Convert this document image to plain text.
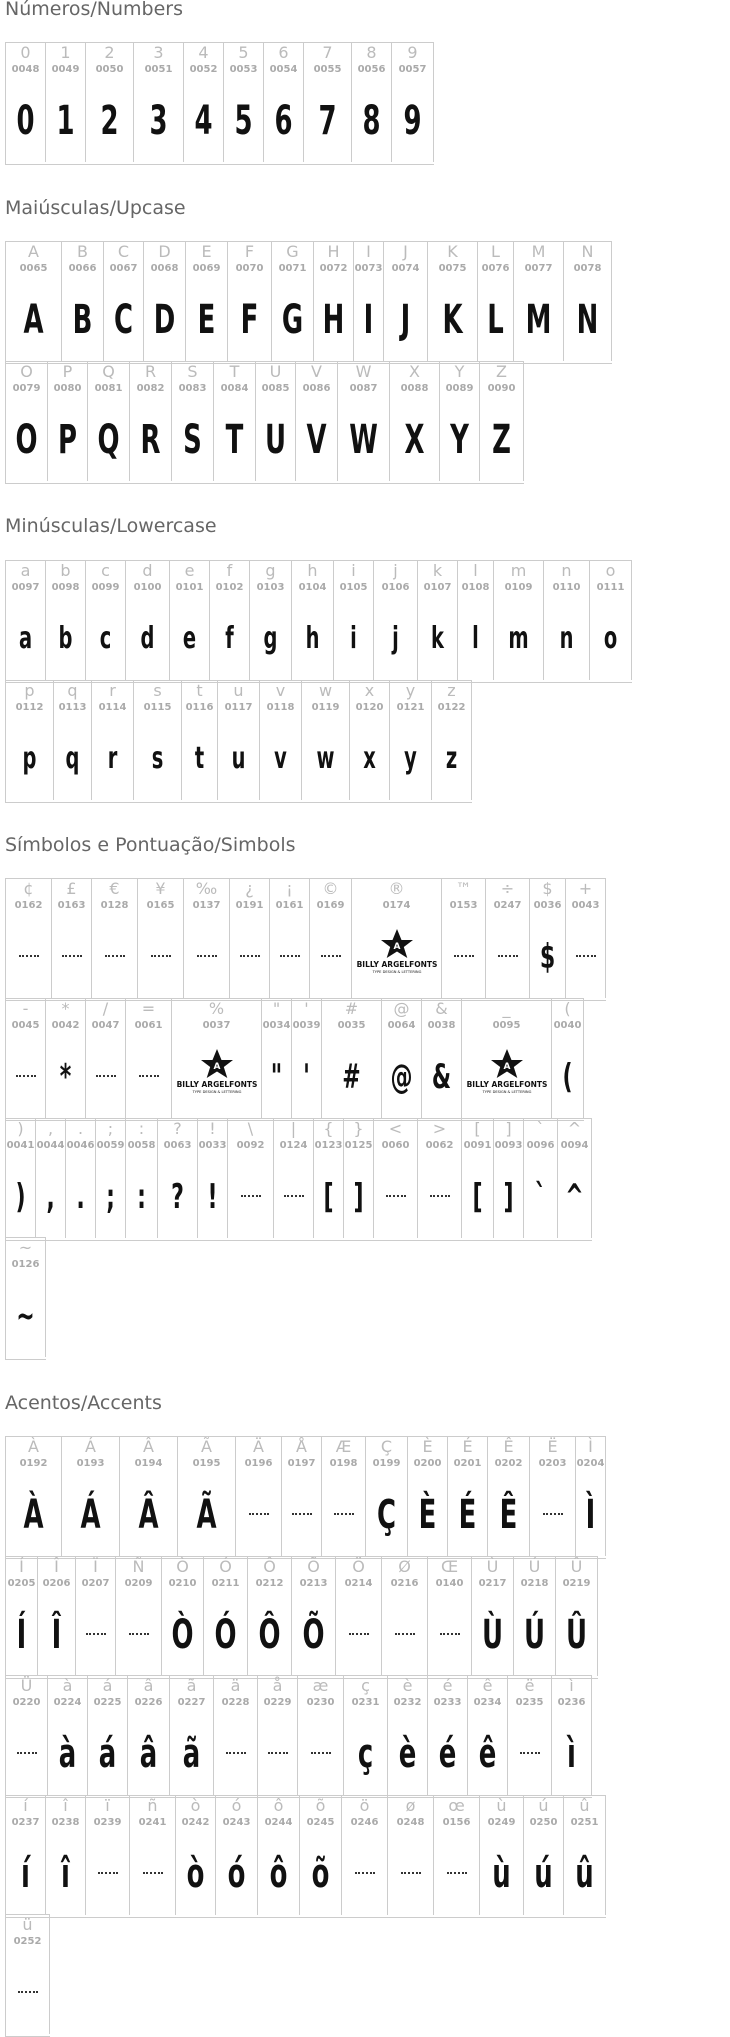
Números/Numbers
0
0048
0
1
0049
1
2
0050
2
3
0051
3
4
0052
4
5
0053
5
6
0054
6
7
0055
7
8
0056
8
9
0057
9
Maiúsculas/Upcase
A
0065
A
B
0066
B
C
0067
C
D
0068
D
E
0069
E
F
0070
F
G
0071
G
H
0072
H
I
0073
I
J
0074
J
K
0075
K
L
0076
L
M
0077
M
N
0078
N
O
0079
O
P
0080
P
Q
0081
Q
R
0082
R
S
0083
S
T
0084
T
U
0085
U
V
0086
V
W
0087
W
X
0088
X
Y
0089
Y
Z
0090
Z
Minúsculas/Lowercase
a
0097
a
b
0098
b
c
0099
c
d
0100
d
e
0101
e
f
0102
f
g
0103
g
h
0104
h
i
0105
i
j
0106
j
k
0107
k
l
0108
l
m
0109
m
n
0110
n
o
0111
o
p
0112
p
q
0113
q
r
0114
r
s
0115
s
t
0116
t
u
0117
u
v
0118
v
w
0119
w
x
0120
x
y
0121
y
z
0122
z
Símbolos e Pontuação/Simbols
¢
0162
£
0163
€
0128
¥
0165
‰
0137
¿
0191
¡
0161
©
0169
®
0174
A
BILLY ARGELFONTS
TYPE DESIGN & LETTERING
™
0153
÷
0247
$
0036
$
+
0043
-
0045
*
0042
*
/
0047
=
0061
%
0037
A
BILLY ARGELFONTS
TYPE DESIGN & LETTERING
"
0034
"
'
0039
'
#
0035
#
@
0064
@
&
0038
&
_
0095
A
BILLY ARGELFONTS
TYPE DESIGN & LETTERING
(
0040
(
)
0041
)
,
0044
,
.
0046
.
;
0059
;
:
0058
:
?
0063
?
!
0033
!
\
0092
|
0124
{
0123
[
}
0125
]
<
0060
>
0062
[
0091
[
]
0093
]
`
0096
`
^
0094
^
~
0126
~
Acentos/Accents
À
0192
À
Á
0193
Á
Â
0194
Â
Ã
0195
Ã
Ä
0196
Å
0197
Æ
0198
Ç
0199
Ç
È
0200
È
É
0201
É
Ê
0202
Ê
Ë
0203
Ì
0204
Ì
Í
0205
Í
Î
0206
Î
Ï
0207
Ñ
0209
Ò
0210
Ò
Ó
0211
Ó
Ô
0212
Ô
Õ
0213
Õ
Ö
0214
Ø
0216
Œ
0140
Ù
0217
Ù
Ú
0218
Ú
Û
0219
Û
Ü
0220
à
0224
à
á
0225
á
â
0226
â
ã
0227
ã
ä
0228
å
0229
æ
0230
ç
0231
ç
è
0232
è
é
0233
é
ê
0234
ê
ë
0235
ì
0236
ì
í
0237
í
î
0238
î
ï
0239
ñ
0241
ò
0242
ò
ó
0243
ó
ô
0244
ô
õ
0245
õ
ö
0246
ø
0248
œ
0156
ù
0249
ù
ú
0250
ú
û
0251
û
ü
0252
